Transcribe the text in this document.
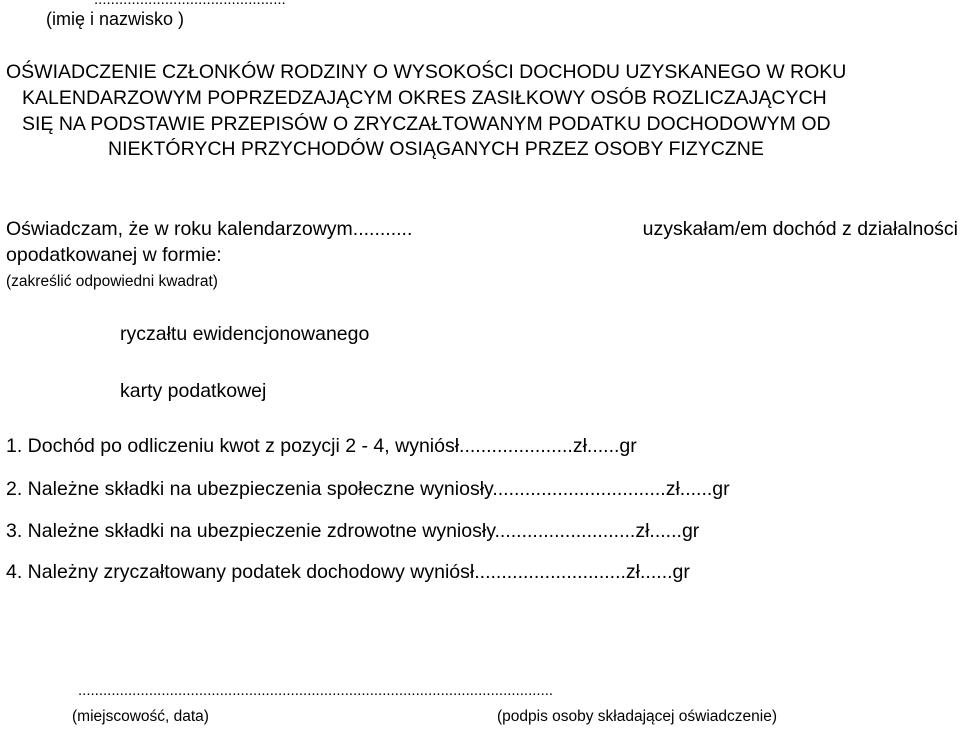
(imię i nazwisko )
OŚWIADCZENIE CZŁONKÓW RODZINY O WYSOKOŚCI DOCHODU UZYSKANEGO W ROKU
KALENDARZOWYM POPRZEDZAJĄCYM OKRES ZASIŁKOWY OSÓB ROZLICZAJĄCYCH
SIĘ NA PODSTAWIE PRZEPISÓW O ZRYCZAŁTOWANYM PODATKU DOCHODOWYM OD
NIEKTÓRYCH PRZYCHODÓW OSIĄGANYCH PRZEZ OSOBY FIZYCZNE
Oświadczam, że w roku kalendarzowym...........	uzyskałam/em dochód z działalności
opodatkowanej w formie:
(zakreślić odpowiedni kwadrat)
ryczałtu ewidencjonowanego
karty podatkowej
1. Dochód po odliczeniu kwot z pozycji 2 - 4, wyniósł.....................zł......gr
2. Należne składki na ubezpieczenia społeczne wyniosły................................zł......gr
3. Należne składki na ubezpieczenie zdrowotne wyniosły..........................zł......gr
4. Należny zryczałtowany podatek dochodowy wyniósł............................zł......gr
..................................................................................................................
(miejscowość, data)	(podpis osoby składającej oświadczenie)
